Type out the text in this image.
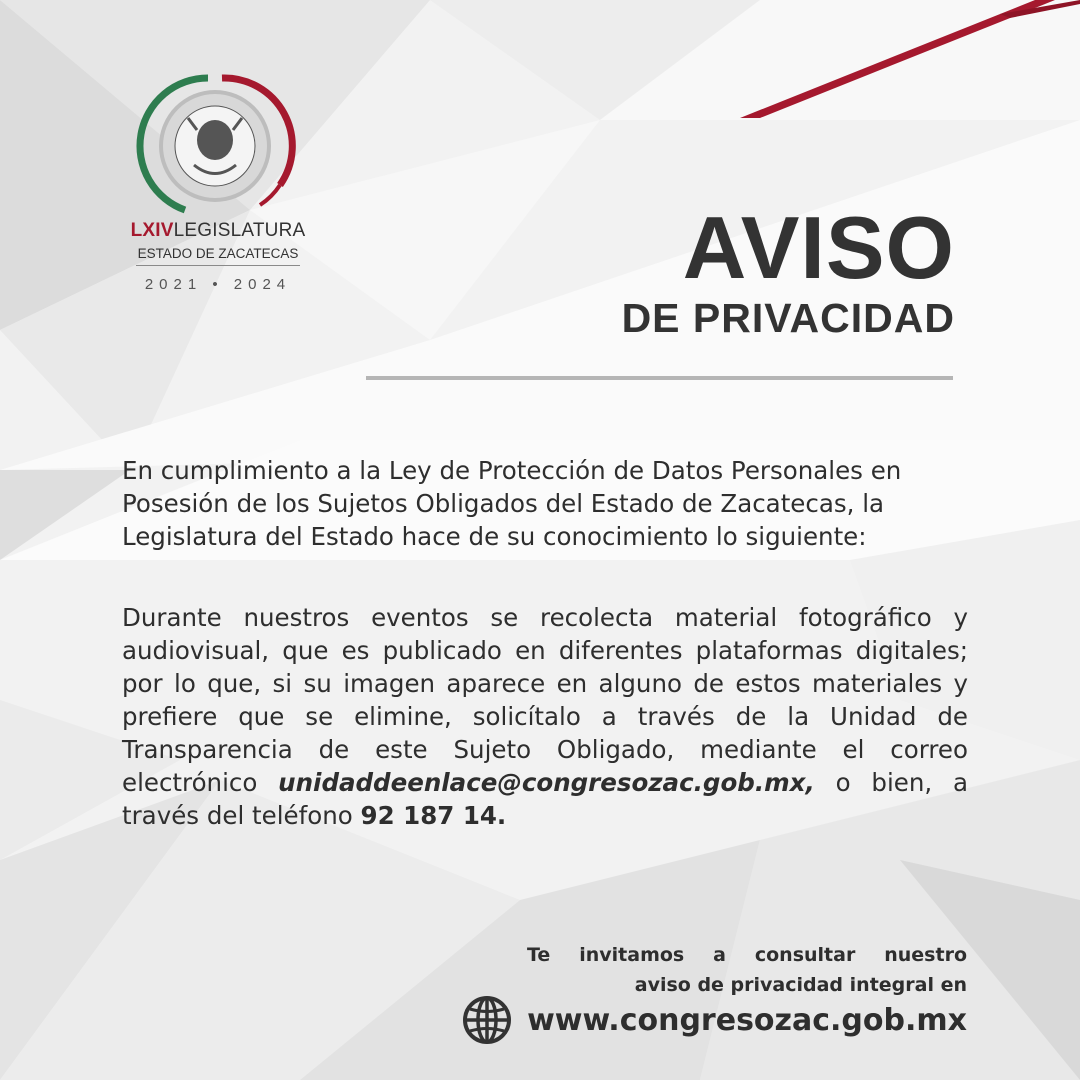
LXIVLEGISLATURA
ESTADO DE ZACATECAS
2021 • 2024	AVISO
DE PRIVACIDAD
En cumplimiento a la Ley de Protección de Datos Personales en Posesión de los Sujetos Obligados del Estado de Zacatecas, la Legislatura del Estado hace de su conocimiento lo siguiente:
Durante nuestros eventos se recolecta material fotográfico y audiovisual, que es publicado en diferentes plataformas digitales; por lo que, si su imagen aparece en alguno de estos materiales y prefiere que se elimine, solicítalo a través de la Unidad de Transparencia de este Sujeto Obligado, mediante el correo electrónico unidaddeenlace@congresozac.gob.mx, o bien, a través del teléfono 92 187 14.
Te invitamos a consultar nuestro
aviso de privacidad integral en
www.congresozac.gob.mx
